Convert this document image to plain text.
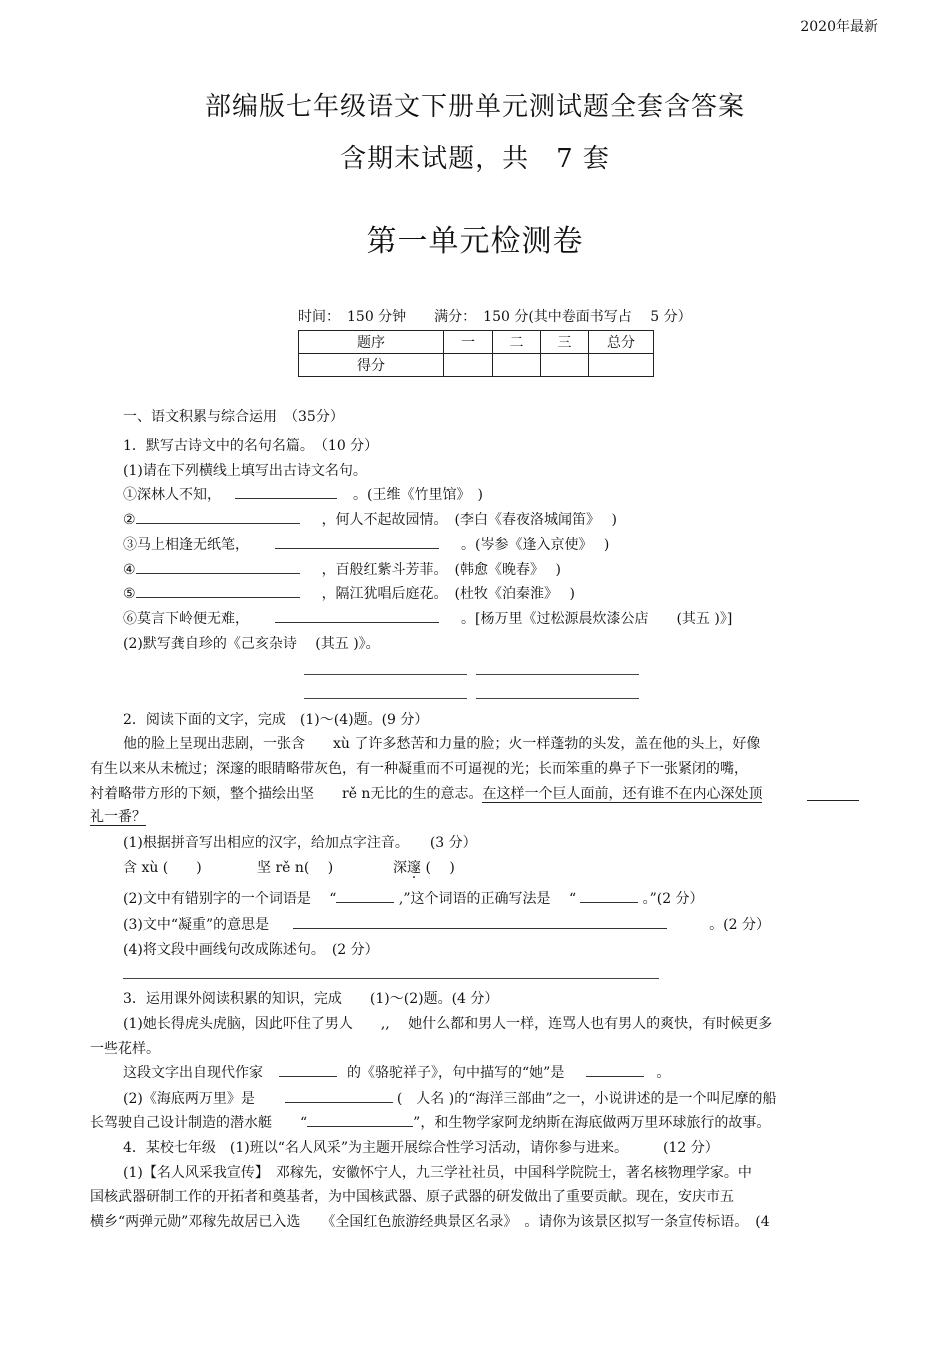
2020年最新
部编版七年级语文下册单元测试题全套含答案
含期末试题，共　7 套
第一单元检测卷
时间：　150 分钟　　满分：　150 分(其中卷面书写占　 5 分）
题序	一	二	三	总分
得分				
一、语文积累与综合运用　（35分）
1．默写古诗文中的名句名篇。　（10 分）
(1)请在下列横线上填写出古诗文名句。
①深林人不知，	。(王维《竹里馆》　)
②	，何人不起故园情。　(李白《春夜洛城闻笛》　 )
③马上相逢无纸笔，	。(岑参《逢入京使》　 )
④	，百般红紫斗芳菲。　(韩愈《晚春》　 )
⑤	，隔江犹唱后庭花。　(杜牧《泊秦淮》　 )
⑥莫言下岭便无难，	。[杨万里《过松源晨炊漆公店　　(其五 )》]
(2)默写龚自珍的《己亥杂诗　 (其五 )》。
2．阅读下面的文字，完成　(1)～(4)题。(9 分）
他的脸上呈现出悲剧，一张含　　xù 了许多愁苦和力量的脸；火一样蓬勃的头发，盖在他的头上，好像
有生以来从未梳过；深邃的眼睛略带灰色，有一种凝重而不可逼视的光；长而笨重的鼻子下一张紧闭的嘴，
衬着略带方形的下颏，整个描绘出坚　　rě n无比的生的意志。在这样一个巨人面前，还有谁不在内心深处顶
礼一番？
(1)根据拼音写出相应的汉字，给加点字注音。　　(3 分）
含 xù (　　)	坚 rě n(　 )	深邃 (　 )
(2)文中有错别字的一个词语是　 “	,”这个词语的正确写法是　 “	。”(2 分）
(3)文中“凝重”的意思是	。(2 分）
(4)将文段中画线句改成陈述句。　(2 分）
3．运用课外阅读积累的知识，完成　　(1)～(2)题。(4 分）
(1)她长得虎头虎脑，因此吓住了男人　　,,　 她什么都和男人一样，连骂人也有男人的爽快，有时候更多
一些花样。
这段文字出自现代作家	的《骆驼祥子》，句中描写的“她”是	。
(2)《海底两万里》是	(　人名 )的“海洋三部曲”之一，小说讲述的是一个叫尼摩的船
长驾驶自己设计制造的潜水艇　　“	”，和生物学家阿龙纳斯在海底做两万里环球旅行的故事。
4．某校七年级　(1)班以“名人风采”为主题开展综合性学习活动，请你参与进来。　　　(12 分）
(1)【名人风采我宣传】　邓稼先，安徽怀宁人，九三学社社员，中国科学院院士，著名核物理学家。中
国核武器研制工作的开拓者和奠基者，为中国核武器、原子武器的研发做出了重要贡献。现在，安庆市五
横乡“两弹元勋”邓稼先故居已入选　　《全国红色旅游经典景区名录》　。请你为该景区拟写一条宣传标语。　(4
